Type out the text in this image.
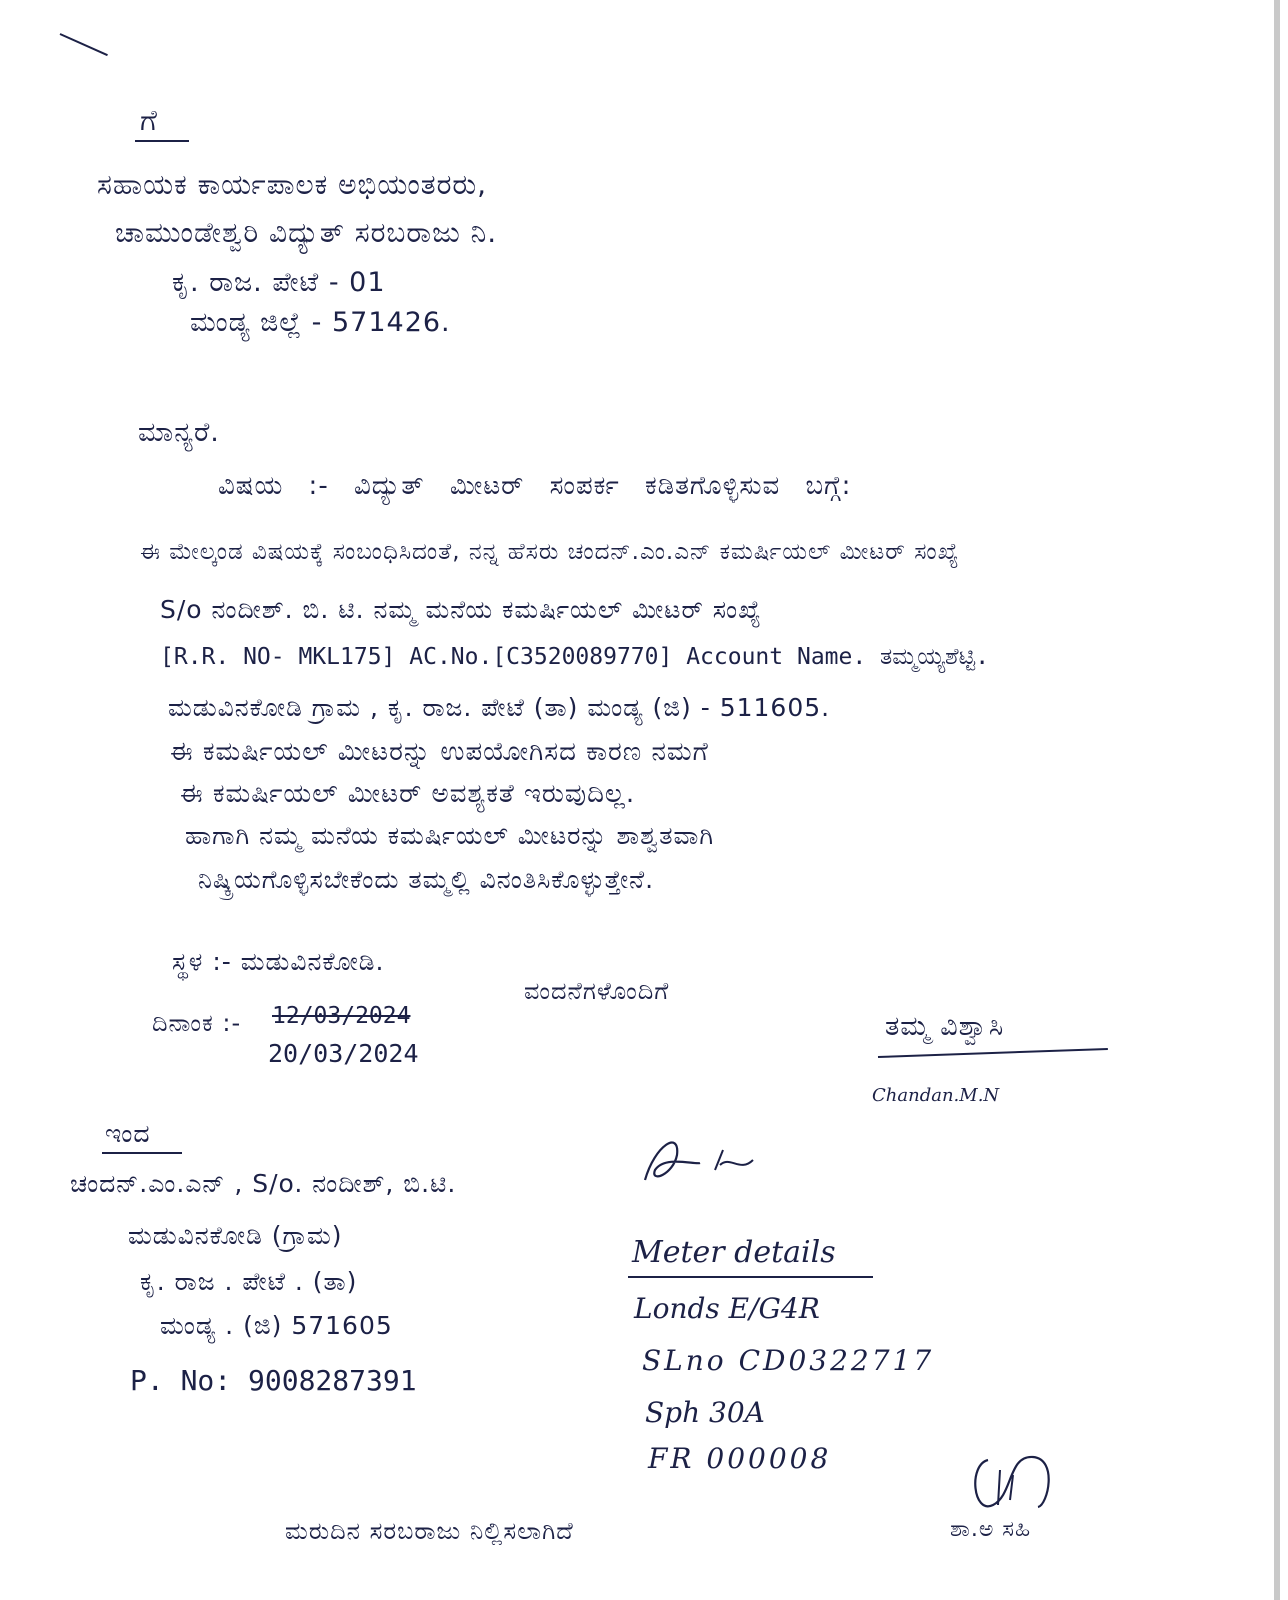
ಗೆ
ಸಹಾಯಕ ಕಾರ್ಯಪಾಲಕ ಅಭಿಯಂತರರು,
ಚಾಮುಂಡೇಶ್ವರಿ ವಿದ್ಯುತ್ ಸರಬರಾಜು ನಿ.
ಕೃ. ರಾಜ. ಪೇಟೆ - 01
ಮಂಡ್ಯ ಜಿಲ್ಲೆ - 571426.
ಮಾನ್ಯರೆ.
ವಿಷಯ :- ವಿದ್ಯುತ್ ಮೀಟರ್ ಸಂಪರ್ಕ ಕಡಿತಗೊಳ್ಳಿಸುವ ಬಗ್ಗೆ:
ಈ ಮೇಲ್ಕಂಡ ವಿಷಯಕ್ಕೆ ಸಂಬಂಧಿಸಿದಂತೆ, ನನ್ನ ಹೆಸರು ಚಂದನ್.ಎಂ.ಎನ್ ಕಮರ್ಷಿಯಲ್ ಮೀಟರ್ ಸಂಖ್ಯೆ
S/o ನಂದೀಶ್. ಬಿ. ಟಿ. ನಮ್ಮ ಮನೆಯ ಕಮರ್ಷಿಯಲ್ ಮೀಟರ್ ಸಂಖ್ಯೆ
[R.R. NO- MKL175] AC.No.[C3520089770] Account Name. ತಮ್ಮಯ್ಯಶೆಟ್ಟಿ.
ಮಡುವಿನಕೋಡಿ ಗ್ರಾಮ , ಕೃ. ರಾಜ. ಪೇಟೆ (ತಾ) ಮಂಡ್ಯ (ಜಿ) - 511605.
ಈ ಕಮರ್ಷಿಯಲ್ ಮೀಟರನ್ನು ಉಪಯೋಗಿಸದ ಕಾರಣ ನಮಗೆ
ಈ ಕಮರ್ಷಿಯಲ್ ಮೀಟರ್ ಅವಶ್ಯಕತೆ ಇರುವುದಿಲ್ಲ.
ಹಾಗಾಗಿ ನಮ್ಮ ಮನೆಯ ಕಮರ್ಷಿಯಲ್ ಮೀಟರನ್ನು ಶಾಶ್ವತವಾಗಿ
ನಿಷ್ಕ್ರಿಯಗೊಳ್ಳಿಸಬೇಕೆಂದು ತಮ್ಮಲ್ಲಿ ವಿನಂತಿಸಿಕೊಳ್ಳುತ್ತೇನೆ.
ಸ್ಥಳ :- ಮಡುವಿನಕೋಡಿ.
ದಿನಾಂಕ :- 12/03/2024
20/03/2024
ವಂದನೆಗಳೊಂದಿಗೆ
ತಮ್ಮ ವಿಶ್ವಾಸಿ
Chandan.M.N
ಇಂದ
ಚಂದನ್.ಎಂ.ಎನ್ , S/o. ನಂದೀಶ್, ಬಿ.ಟಿ.
ಮಡುವಿನಕೋಡಿ (ಗ್ರಾಮ)
ಕೃ. ರಾಜ . ಪೇಟೆ . (ತಾ)
ಮಂಡ್ಯ . (ಜಿ) 571605
P. No: 9008287391
Meter details
Londs E/G4R
SLno CD0322717
Sph 30A
FR 000008
ಮರುದಿನ ಸರಬರಾಜು ನಿಲ್ಲಿಸಲಾಗಿದೆ	ಶಾ.ಅ ಸಹಿ
